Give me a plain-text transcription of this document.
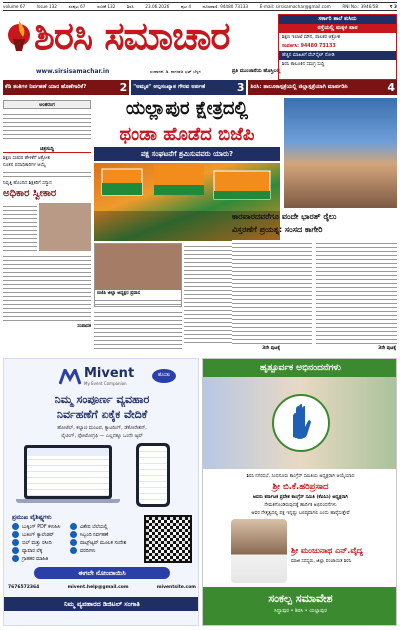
volume 67	Issue 132	ಸಂಪುಟ 67	ಸಂಚಿಕೆ 132	ಶಿರಸಿ	23.06.2026	ಪುಟ 4	ದೂರವಾಣಿ: 94480 73133	E-mail: sirsisamachar@gmail.com	RNI No.: 3946/58	₹ 3
ಶಿರಸಿ ಸಮಾಚಾರ
www.sirsisamachar.in	ಸಂಪಾದಕ: ಡಿ. ನಾಗರಾಜ ಭಟ್ ಬೆಳ್ಳಗ	ಪ್ರತಿ ಮುಂಜಾನೆಯ ಹೊಸ್ತಿಲಲ್ಲಿ
ಸರ್ಕಾರಿ ಶಾಲೆ ಕುಸಿದು
ರಸ್ತೆಯಲ್ಲಿ ಮಕ್ಕಳ ಪಾಠ
ಶಿಕ್ಷಣ ಇಲಾಖೆ ಮೌನ, ಪಾಲಕರ ಆಕ್ರೋಶ
ಸಂಪರ್ಕಿಸಿ: 94480 73133
ಹೆಚ್ಚಿನ ಮಾಹಿತಿಗೆ ವೆಬ್‌ಸೈಟ್ ನೋಡಿ
ಶಿರಸಿ ತಾಲೂಕಿನ ಸಮಗ್ರ ಸುದ್ದಿ
ಕೆಡಿ ತಂತಿಗಳ ನಿರ್ವಹಣೆ ಯಾರ ಹೊಣೆಗಾರಿಕೆ?	2 "ಅಮೃತ" ಅಲ್ಪಸಂಖ್ಯಾತ ಗೌರವ ಅರ್ಪಣೆ	3 ಶಿರಸಿ: ತಾಲೂಕಾಸ್ಪತ್ರೆಯಲ್ಲಿ ಜಿಲ್ಲಾಸ್ಪತ್ರೆಯಾಗಿ ಮಾರ್ಪಡಿಸಿ	4
ಅಂತರಂಗ
ಚಿತ್ರಸುದ್ದಿ
ಶಿಕ್ಷಣ ಸಚಿವರ ಹೇಳಿಕೆಗೆ ಆಕ್ರೋಶ
ನೂತನ ಪದಾಧಿಕಾರಿಗಳ ಆಯ್ಕೆ
ನಿವೃತ್ತಿ ಹೊಂದಿದ ಶಿಕ್ಷಕರಿಗೆ ಸನ್ಮಾನ
ಅಧಿಕಾರ ಸ್ವೀಕಾರ
ಸಂಪಾದಕ
ಯಲ್ಲಾಪುರ ಕ್ಷೇತ್ರದಲ್ಲಿ
ಥಂಡಾ ಹೊಡೆದ ಬಿಜೆಪಿ
ಪಕ್ಷ ಸಂಘಟನೆಗೆ ಶ್ರಮಿಸುವವರು ಯಾರು?
ಬಿಜೆಪಿ ಜಿಲ್ಲಾ ಅಧ್ಯಕ್ಷರ ಪ್ರವಾಸ
3ನೇ ಪುಟಕ್ಕೆ
ಕಾರವಾರದವರೆಗೂ ವಂದೇ ಭಾರತ್ ರೈಲು
ವಿಸ್ತರಣೆಗೆ ಪ್ರಯತ್ನ: ಸಂಸದ ಕಾಗೇರಿ
3ನೇ ಪುಟಕ್ಕೆ
Mivent
My Event Companion
ಹೊಸತು
ನಿಮ್ಮ ಸಂಪೂರ್ಣ ವ್ಯವಹಾರ
ನಿರ್ವಹಣೆಗೆ ಏಕೈಕ ವೇದಿಕೆ
ಹೋಟೆಲ್, ಕಲ್ಯಾಣ ಮಂಟಪ, ಕ್ಯಾಟರಿಂಗ್, ಡೆಕೋರೇಶನ್,
ಲೈಟಿಂಗ್, ಫೋಟೋಗ್ರಫಿ — ಎಲ್ಲದಕ್ಕೂ ಒಂದೇ ಆ್ಯಪ್
ಪ್ರಮುಖ ವೈಶಿಷ್ಟ್ಯಗಳು
ಬುಕ್ಕಿಂಗ್ PDF ಕಳುಹಿಸಿ
ಬುಕಿಂಗ್ ಕ್ಯಾಲೆಂಡರ್
ಬಿಲ್ ಮತ್ತು ರಸೀದಿ
ವ್ಯಾಪಾರ ಲೆಕ್ಕ
ಗ್ರಾಹಕರ ಮಾಹಿತಿ
ವಿಶೇಷ ಬೆಲೆಯಲ್ಲಿ
ಸಿಬ್ಬಂದಿ ನಿರ್ವಹಣೆ
ವಾಟ್ಸ್‌ಆ್ಯಪ್ ಮೂಲಕ ಸಂದೇಶ
ವರದಿಗಳು
ಈಗಲೇ ನೋಂದಾಯಿಸಿ
7676572364	mivent.help@gmail.com	miventsite.com
ನಿಮ್ಮ ವ್ಯವಹಾರದ ಡಿಜಿಟಲ್ ಸಂಗಾತಿ
ಹೃತ್ಪೂರ್ವಕ ಅಭಿನಂದನೆಗಳು
ಶಿರಸಿ ನಗರಸಭೆ, ಸಿಂಧನೂರು ಕಾಂಗ್ರೆಸ್ ಸಮಿತಿಯ ಅಧ್ಯಕ್ಷರಾಗಿ ಆಯ್ಕೆಯಾದ
ಶ್ರೀ ಬಿ.ಕೆ.ಹರಿಪ್ರಸಾದ
ಅವರು ಕರ್ನಾಟಕ ಪ್ರದೇಶ ಕಾಂಗ್ರೆಸ್ ಸಮಿತಿ (ಕೆಪಿಸಿಸಿ) ಅಧ್ಯಕ್ಷರಾಗಿ
ನೇಮಕಗೊಂಡಿರುವುದಕ್ಕೆ ಹಾರ್ದಿಕ ಅಭಿನಂದನೆಗಳು
ಅವರ ನೇತೃತ್ವದಲ್ಲಿ ಪಕ್ಷ ಇನ್ನಷ್ಟು ಬಲಿಷ್ಠವಾಗಲಿ ಎಂದು ಹಾರೈಸುತ್ತೇವೆ
ಶ್ರೀ ಮಂಜುನಾಥ ಎನ್.ವೈದ್ಯ
ಮಾಜಿ ಸದಸ್ಯರು, ಜಿಲ್ಲಾ ಪಂಚಾಯತ ಶಿರಸಿ
ಸಂಕಲ್ಪ ಸಮಾವೇಶ
ಸಿದ್ದಾಪುರ • ಶಿರಸಿ • ಯಲ್ಲಾಪುರ
